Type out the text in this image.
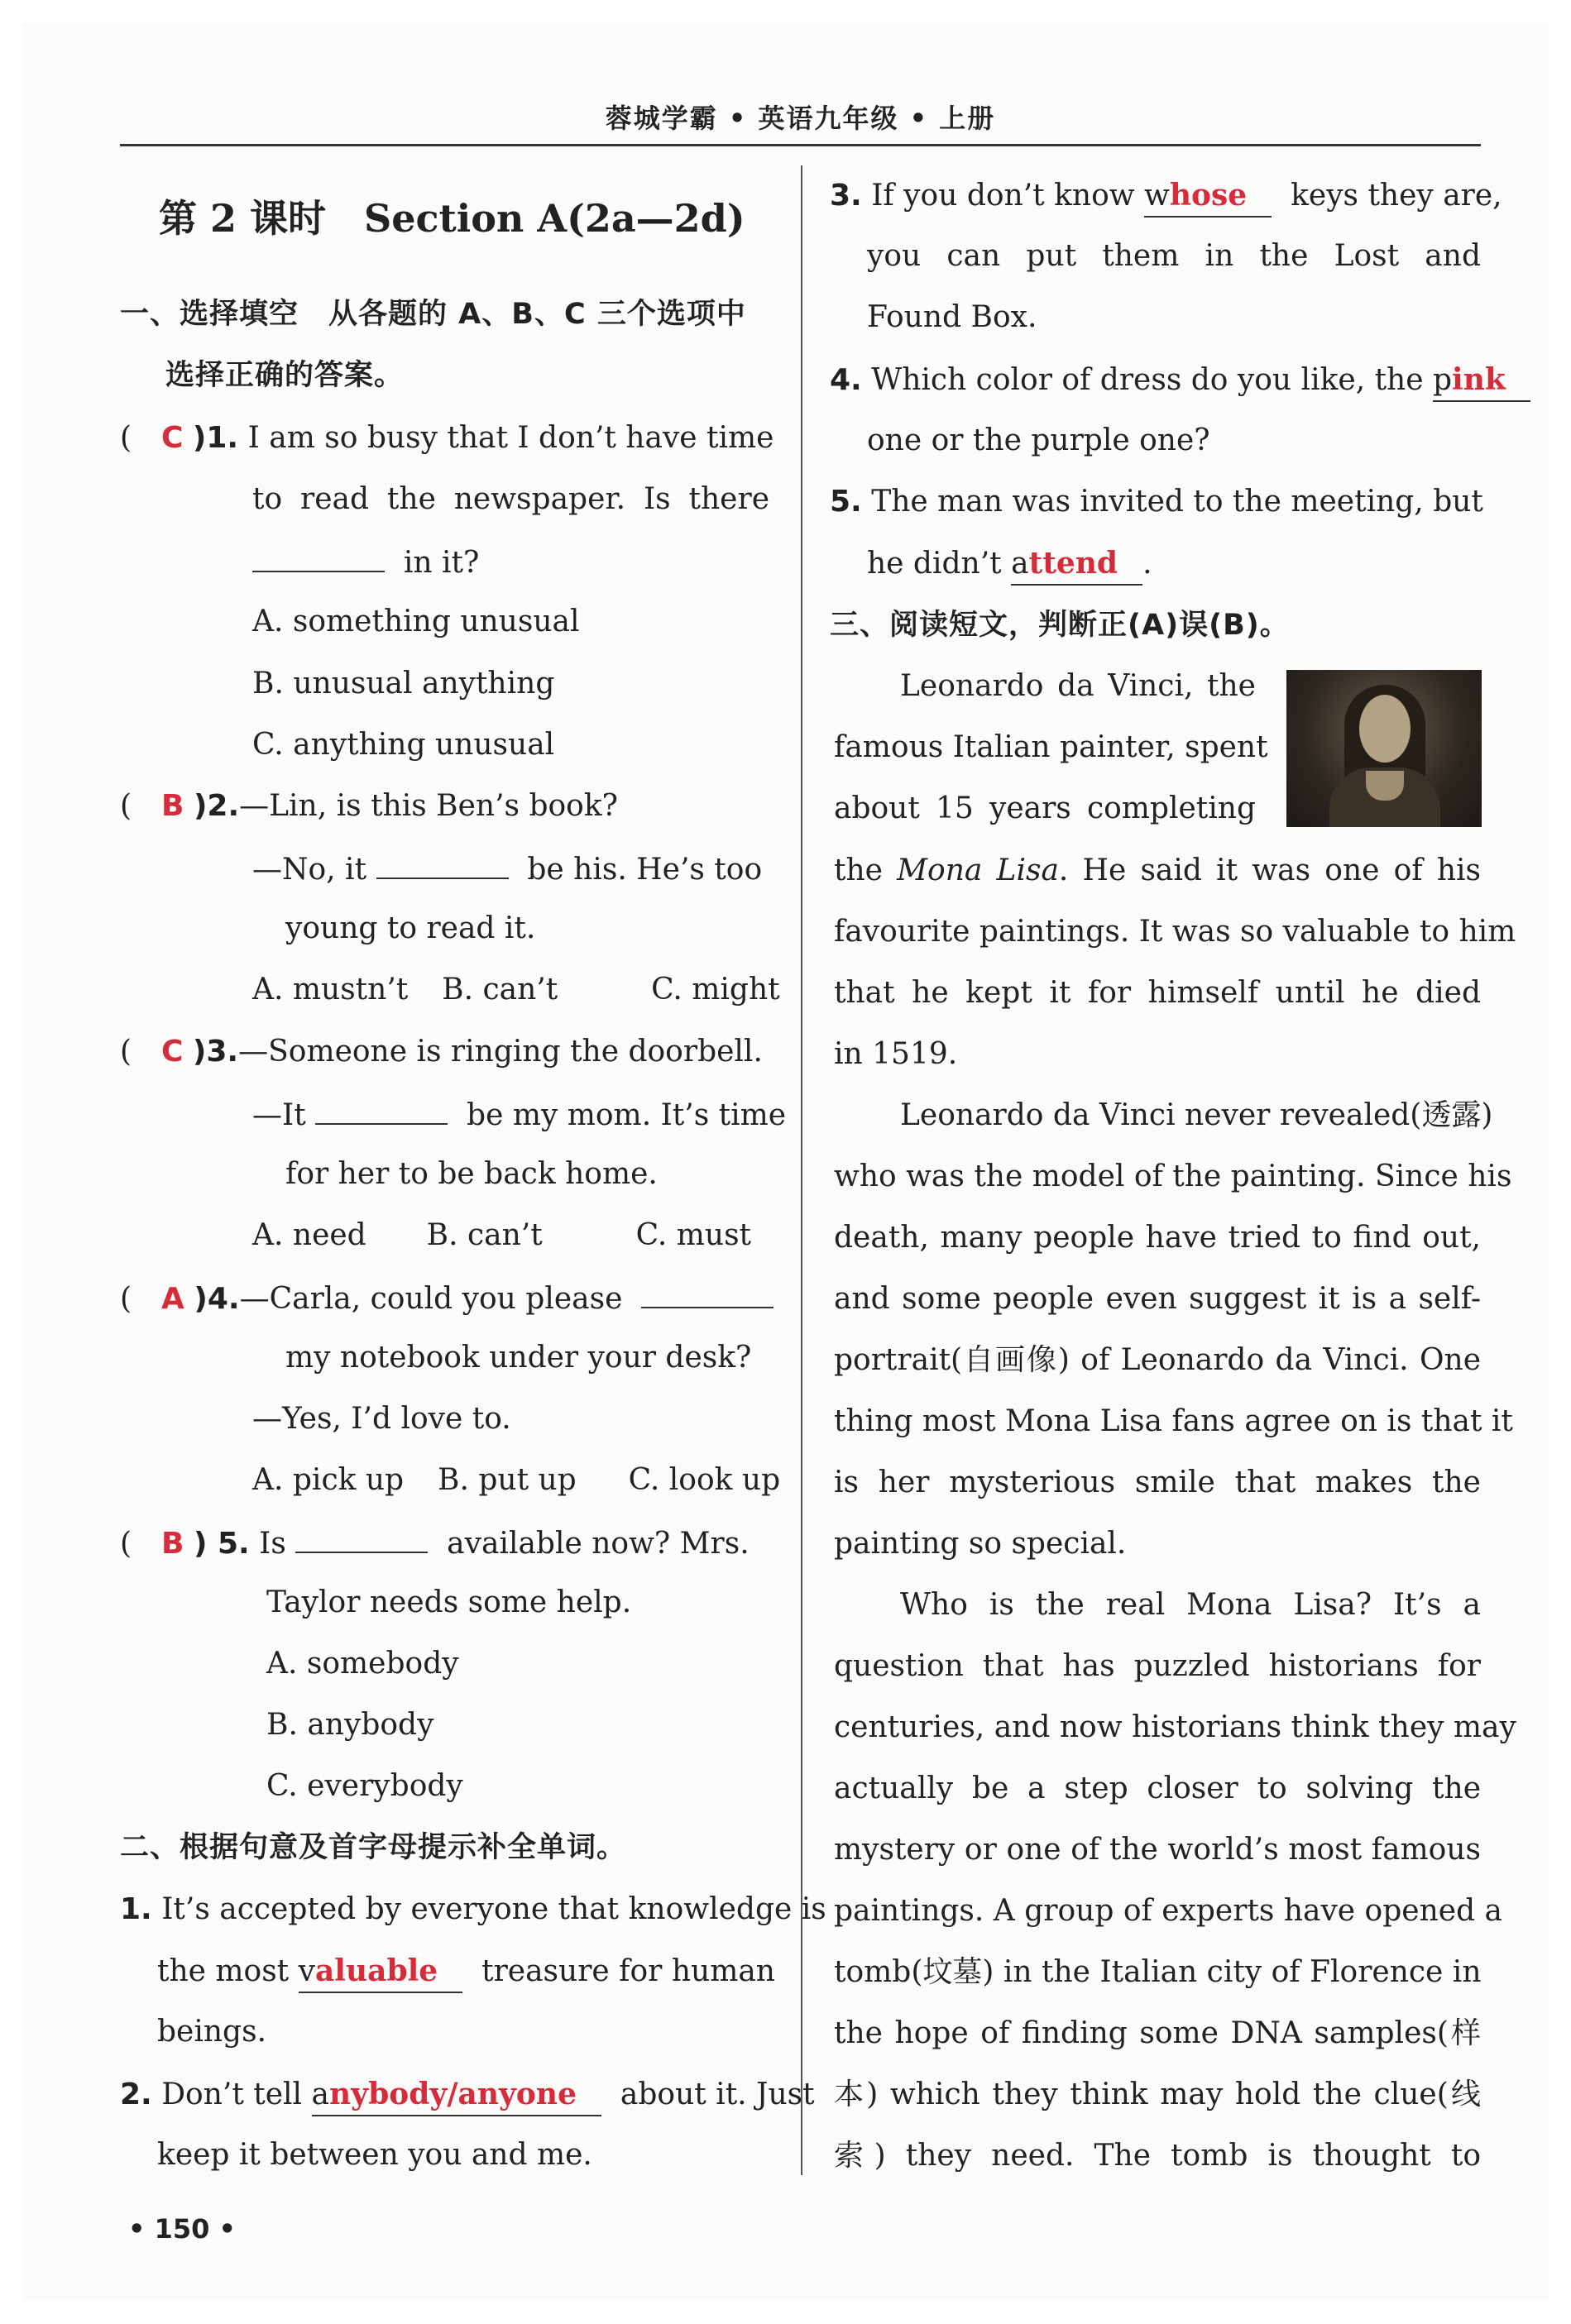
蓉城学霸 • 英语九年级 • 上册
第 2 课时　Section A(2a—2d)
一、选择填空　从各题的 A、B、C 三个选项中
选择正确的答案。
(　C )1. I am so busy that I don’t have time
to read the newspaper. Is there
in it?
A. something unusual
B. unusual anything
C. anything unusual
(　B )2.—Lin, is this Ben’s book?
—No, it	be his. He’s too
young to read it.
A. mustn’t B. can’t	C. might
(　C )3.—Someone is ringing the doorbell.
—It	be my mom. It’s time
for her to be back home.
A. need B. can’t	C. must
(　A )4.—Carla, could you please
my notebook under your desk?
—Yes, I’d love to.
A. pick up B. put up C. look up
(　B ) 5. Is	available now? Mrs.
Taylor needs some help.
A. somebody
B. anybody
C. everybody
二、根据句意及首字母提示补全单词。
1. It’s accepted by everyone that knowledge is
the most valuable treasure for human
beings.
2. Don’t tell anybody/anyone about it. Just
keep it between you and me.
3. If you don’t know whose keys they are,
you can put them in the Lost and
Found Box.
4. Which color of dress do you like, the pink
one or the purple one?
5. The man was invited to the meeting, but
he didn’t attend .
三、阅读短文，判断正(A)误(B)。
Leonardo da Vinci, the
famous Italian painter, spent
about 15 years completing
the Mona Lisa. He said it was one of his
favourite paintings. It was so valuable to him
that he kept it for himself until he died
in 1519.
Leonardo da Vinci never revealed(透露)
who was the model of the painting. Since his
death, many people have tried to find out,
and some people even suggest it is a self-
portrait(自画像) of Leonardo da Vinci. One
thing most Mona Lisa fans agree on is that it
is her mysterious smile that makes the
painting so special.
Who is the real Mona Lisa? It’s a
question that has puzzled historians for
centuries, and now historians think they may
actually be a step closer to solving the
mystery or one of the world’s most famous
paintings. A group of experts have opened a
tomb(坟墓) in the Italian city of Florence in
the hope of finding some DNA samples(样
本) which they think may hold the clue(线
索) they need. The tomb is thought to
• 150 •
